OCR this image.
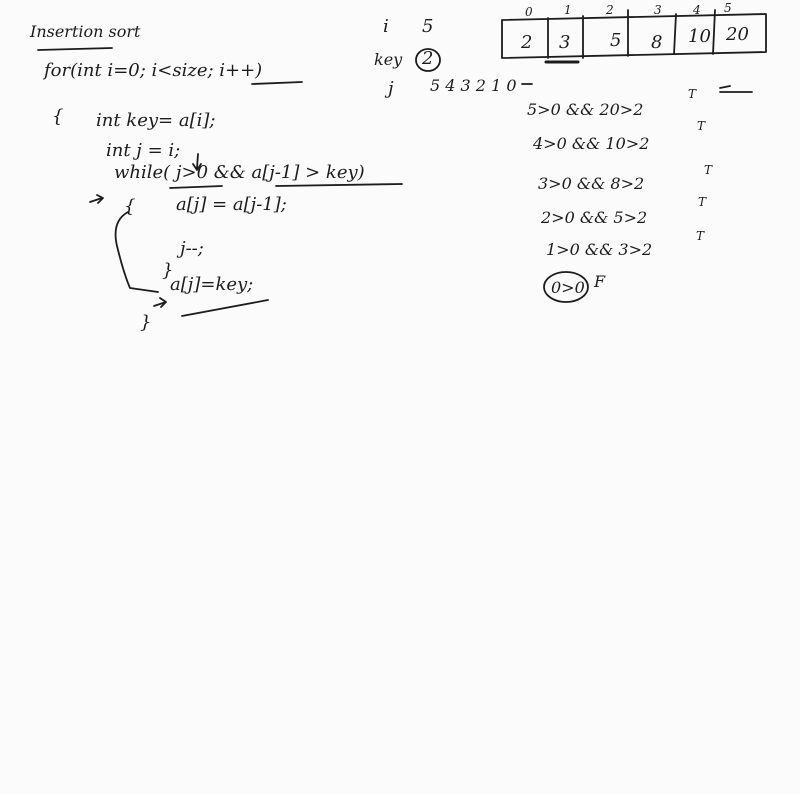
Insertion sort
for(int i=0; i<size; i++)
{ int key= a[i];
int j = i;
while( j>0 && a[j-1] > key)
{ a[j] = a[j-1];
j--;
}
a[j]=key;
}
i 5
key 2
j 5 4 3 2 1 0
0	1	2	3	4 5
2 3 5 8 10 20
5>0 && 20>2
T
4>0 && 10>2
T
3>0 && 8>2
T
2>0 && 5>2
T
1>0 && 3>2
T
0>0 F
